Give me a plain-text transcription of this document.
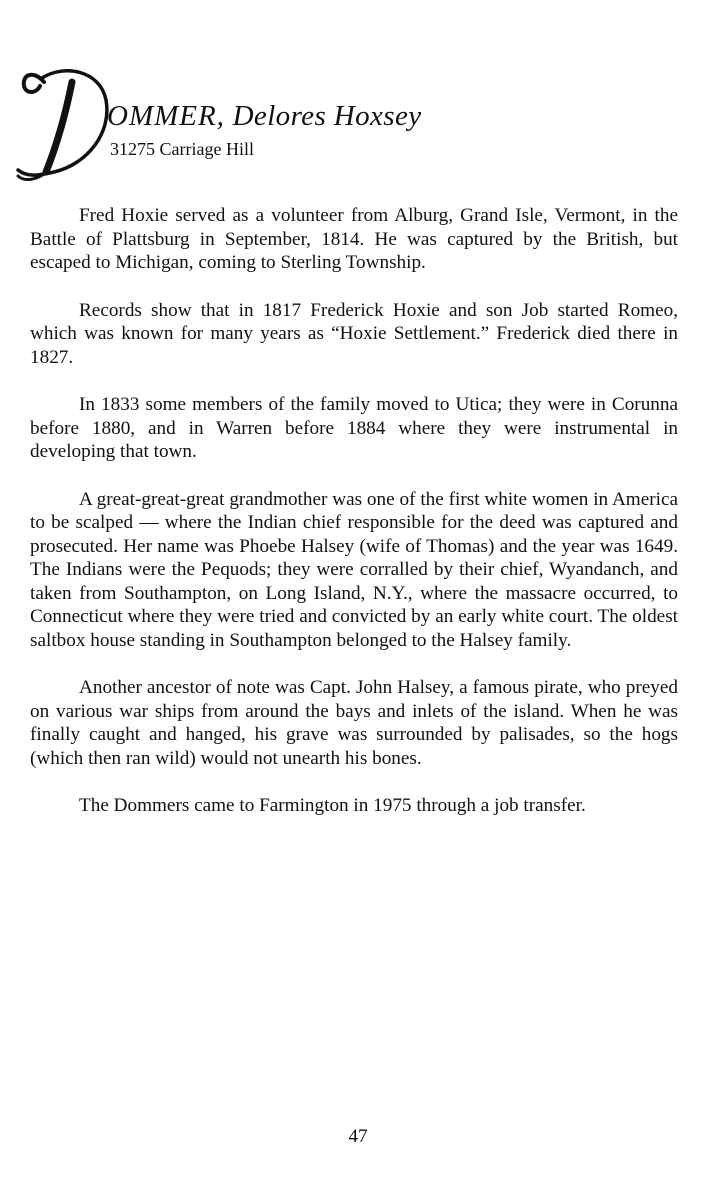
OMMER, Delores Hoxsey
31275 Carriage Hill

Fred Hoxie served as a volunteer from Alburg, Grand Isle, Vermont, in the Battle of Plattsburg in September, 1814. He was captured by the British, but escaped to Michigan, coming to Sterling Township.

Records show that in 1817 Frederick Hoxie and son Job started Romeo, which was known for many years as “Hoxie Settlement.” Frederick died there in 1827.

In 1833 some members of the family moved to Utica; they were in Corunna before 1880, and in Warren before 1884 where they were instrumental in developing that town.

A great-great-great grandmother was one of the first white women in America to be scalped — where the Indian chief responsible for the deed was captured and prosecuted. Her name was Phoebe Halsey (wife of Thomas) and the year was 1649. The Indians were the Pequods; they were corralled by their chief, Wyandanch, and taken from Southampton, on Long Island, N.Y., where the massacre occurred, to Connecticut where they were tried and convicted by an early white court. The oldest saltbox house standing in Southampton belonged to the Halsey family.

Another ancestor of note was Capt. John Halsey, a famous pirate, who preyed on various war ships from around the bays and inlets of the island. When he was finally caught and hanged, his grave was surrounded by palisades, so the hogs (which then ran wild) would not unearth his bones.

The Dommers came to Farmington in 1975 through a job transfer.

47
